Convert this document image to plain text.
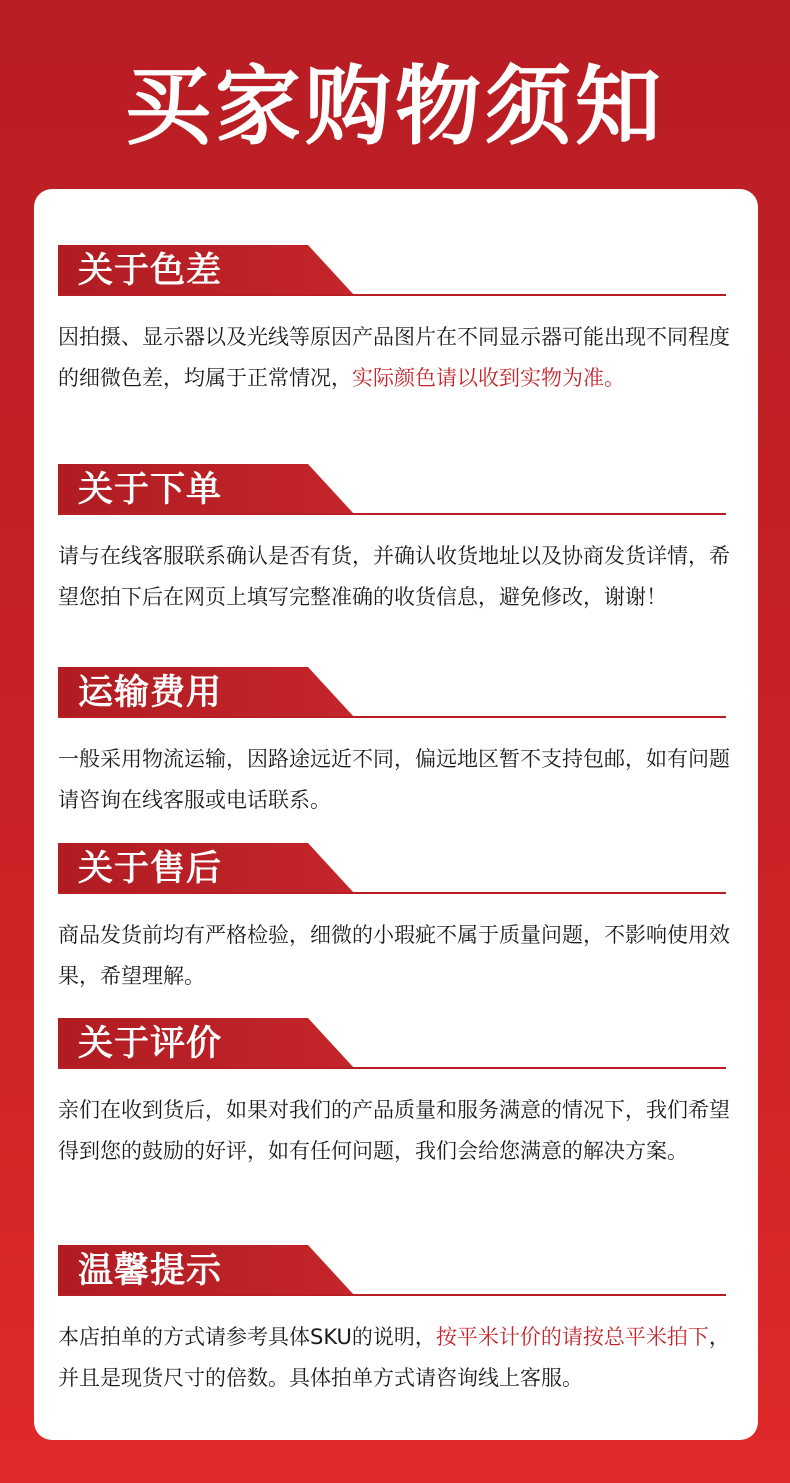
买家购物须知
关于色差
因拍摄、显示器以及光线等原因产品图片在不同显示器可能出现不同程度的细微色差，均属于正常情况，实际颜色请以收到实物为准。
关于下单
请与在线客服联系确认是否有货，并确认收货地址以及协商发货详情，希望您拍下后在网页上填写完整准确的收货信息，避免修改，谢谢！
运输费用
一般采用物流运输，因路途远近不同，偏远地区暂不支持包邮，如有问题请咨询在线客服或电话联系。
关于售后
商品发货前均有严格检验，细微的小瑕疵不属于质量问题，不影响使用效果，希望理解。
关于评价
亲们在收到货后，如果对我们的产品质量和服务满意的情况下，我们希望得到您的鼓励的好评，如有任何问题，我们会给您满意的解决方案。
温馨提示
本店拍单的方式请参考具体SKU的说明，按平米计价的请按总平米拍下，并且是现货尺寸的倍数。具体拍单方式请咨询线上客服。
